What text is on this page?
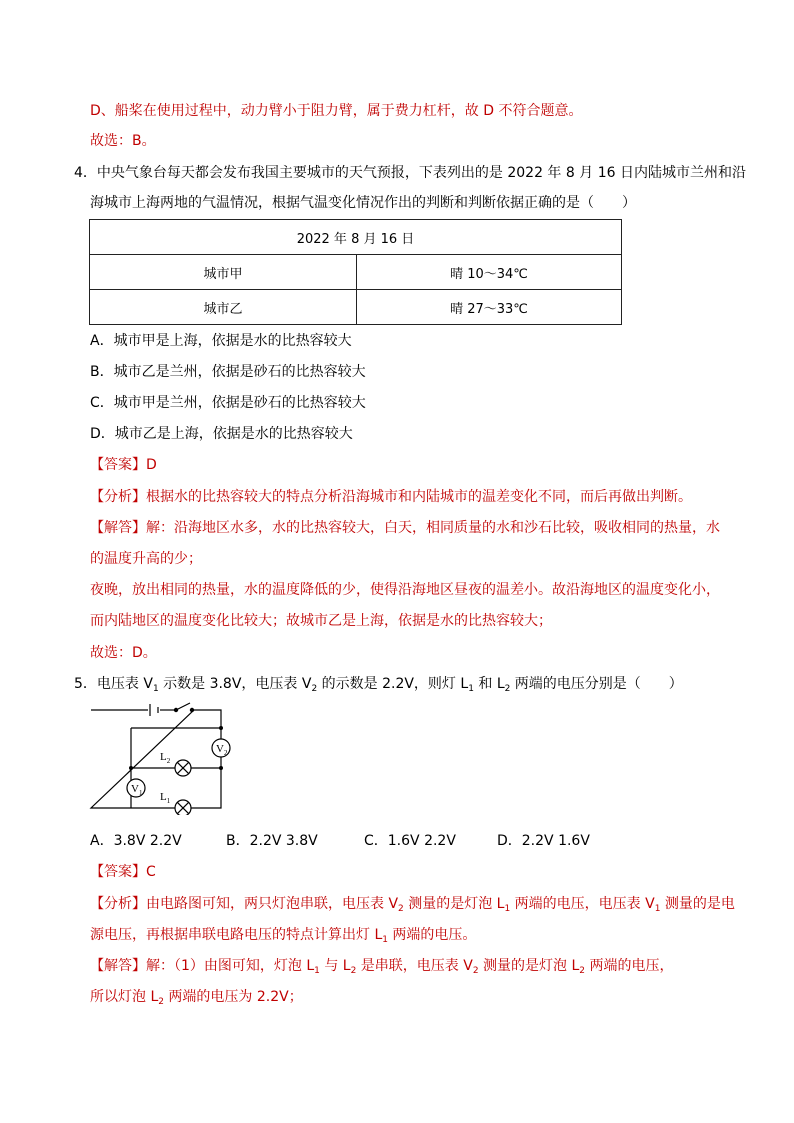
D、船桨在使用过程中，动力臂小于阻力臂，属于费力杠杆，故 D 不符合题意。
故选：B。
4．中央气象台每天都会发布我国主要城市的天气预报，下表列出的是 2022 年 8 月 16 日内陆城市兰州和沿
海城市上海两地的气温情况，根据气温变化情况作出的判断和判断依据正确的是（　　）
2022 年 8 月 16 日	
城市甲	晴 10～34℃
城市乙	晴 27～33℃
A．城市甲是上海，依据是水的比热容较大
B．城市乙是兰州，依据是砂石的比热容较大
C．城市甲是兰州，依据是砂石的比热容较大
D．城市乙是上海，依据是水的比热容较大
【答案】D
【分析】根据水的比热容较大的特点分析沿海城市和内陆城市的温差变化不同，而后再做出判断。
【解答】解：沿海地区水多，水的比热容较大，白天，相同质量的水和沙石比较，吸收相同的热量，水
的温度升高的少；
夜晚，放出相同的热量，水的温度降低的少，使得沿海地区昼夜的温差小。故沿海地区的温度变化小，
而内陆地区的温度变化比较大；故城市乙是上海，依据是水的比热容较大；
故选：D。
5．电压表 $V_1$ 示数是 3.8V，电压表 $V_2$ 的示数是 2.2V，则灯 $L_1$ 和 $L_2$ 两端的电压分别是（　　）
$V_2$
$V_1$
$L_2$
$L_1$
A．3.8V 2.2V	B．2.2V 3.8V	C．1.6V 2.2V	D．2.2V 1.6V
【答案】C
【分析】由电路图可知，两只灯泡串联，电压表 $V_2$ 测量的是灯泡 $L_1$ 两端的电压，电压表 $V_1$ 测量的是电
源电压，再根据串联电路电压的特点计算出灯 $L_1$ 两端的电压。
【解答】解：（1）由图可知，灯泡 $L_1$ 与 $L_2$ 是串联，电压表 $V_2$ 测量的是灯泡 $L_2$ 两端的电压，
所以灯泡 $L_2$ 两端的电压为 2.2V；
